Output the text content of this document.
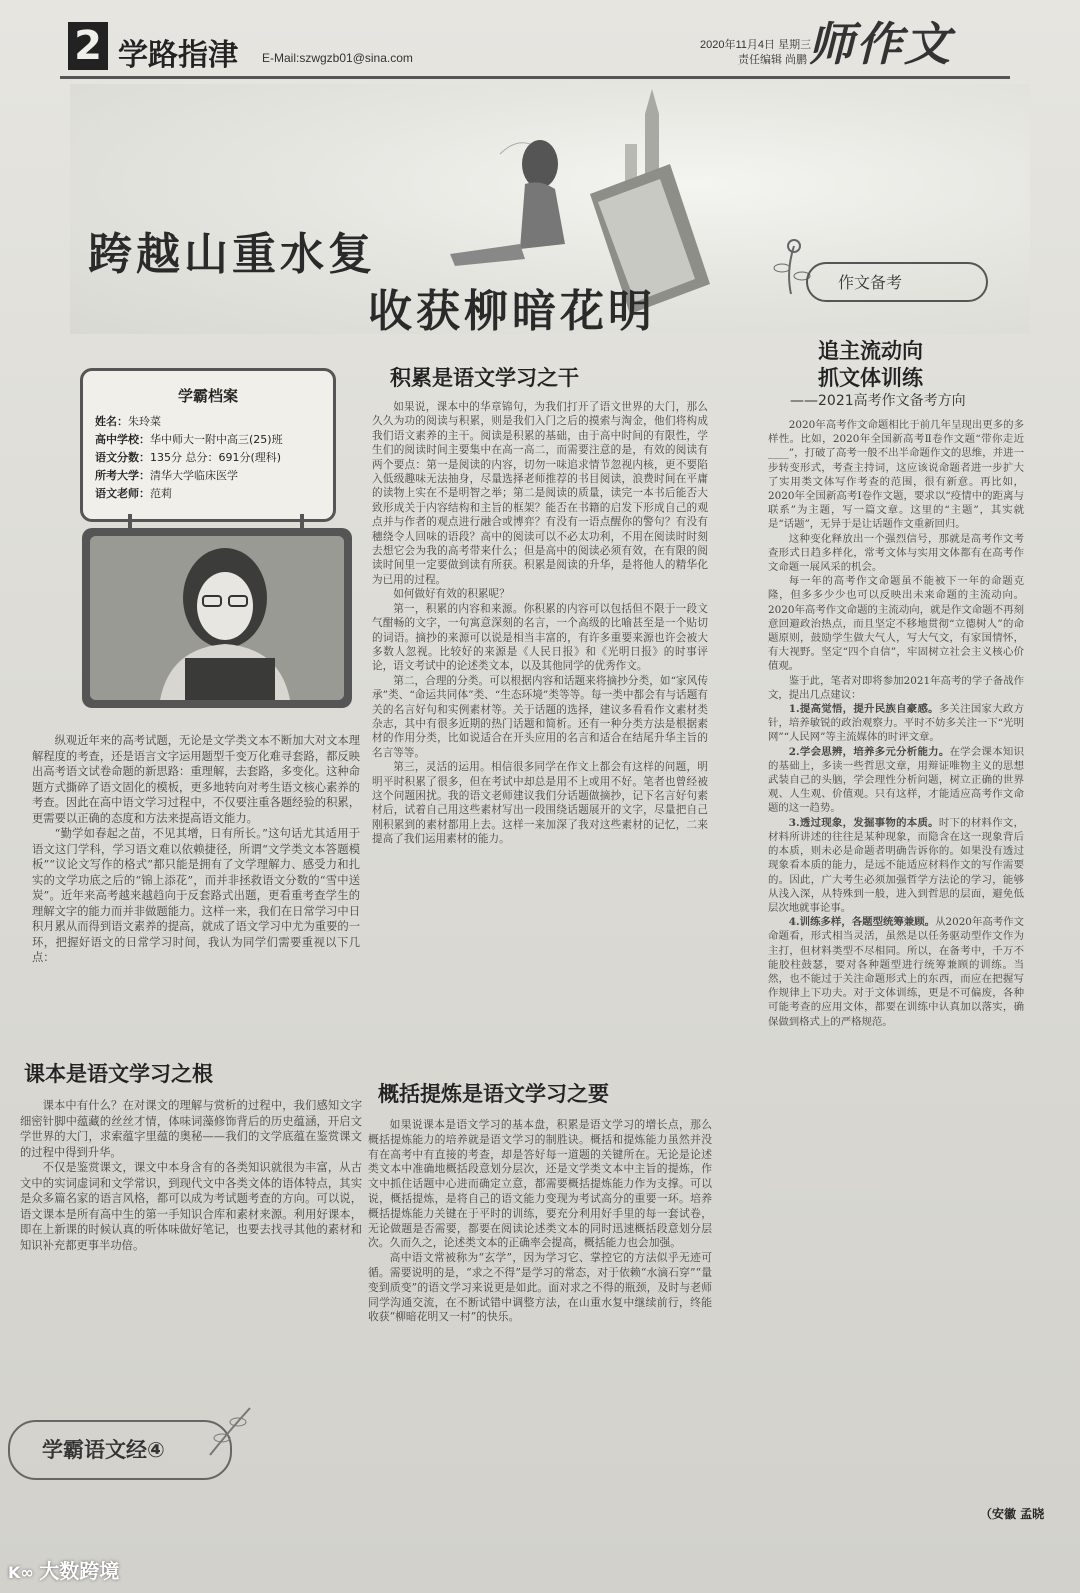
2 学路指津 E-Mail:szwgzb01@sina.com
2020年11月4日 星期三
责任编辑 尚鹏 师作文
跨越山重水复
收获柳暗花明
学霸档案
姓名：朱玲菜
高中学校：华中师大一附中高三(25)班
语文分数：135分 总分：691分(理科)
所考大学：清华大学临床医学
语文老师：范莉

纵观近年来的高考试题，无论是文学类文本不断加大对文本理解程度的考查，还是语言文字运用题型千变万化难寻套路，都反映出高考语文试卷命题的新思路：重理解，去套路，多变化。这种命题方式撕碎了语文固化的模板，更多地转向对考生语文核心素养的考查。因此在高中语文学习过程中，不仅要注重各题经验的积累，更需要以正确的态度和方法来提高语文能力。

“勤学如春起之苗，不见其增，日有所长。”这句话尤其适用于语文这门学科，学习语文难以依赖捷径，所谓“文学类文本答题模板”“议论文写作的格式”都只能是拥有了文学理解力、感受力和扎实的文学功底之后的“锦上添花”，而并非拯救语文分数的“雪中送炭”。近年来高考越来越趋向于反套路式出题，更看重考查学生的理解文字的能力而并非做题能力。这样一来，我们在日常学习中日积月累从而得到语文素养的提高，就成了语文学习中尤为重要的一环，把握好语文的日常学习时间，我认为同学们需要重视以下几点：

课本是语文学习之根

课本中有什么？在对课文的理解与赏析的过程中，我们感知文字细密针脚中蕴藏的丝丝才情，体味词藻修饰背后的历史蕴涵，开启文学世界的大门，求索蕴字里蕴的奥秘——我们的文学底蕴在鉴赏课文的过程中得到升华。

不仅是鉴赏课文，课文中本身含有的各类知识就很为丰富，从古文中的实词虚词和文学常识，到现代文中各类文体的语体特点，其实是众多篇名家的语言风格，都可以成为考试题考查的方向。可以说，语文课本是所有高中生的第一手知识合库和素材来源。利用好课本，即在上新课的时候认真的听体味做好笔记，也要去找寻其他的素材和知识补充都更事半功倍。

积累是语文学习之干

如果说，课本中的华章锦句，为我们打开了语文世界的大门，那么久久为功的阅读与积累，则是我们入门之后的摸索与淘金，他们将构成我们语文素养的主干。阅读是积累的基础，由于高中时间的有限性，学生们的阅读时间主要集中在高一高二，而需要注意的是，有效的阅读有两个要点：第一是阅读的内容，切勿一味追求情节忽视内核，更不要陷入低级趣味无法抽身，尽量选择老师推荐的书目阅读，浪费时间在平庸的读物上实在不是明智之举；第二是阅读的质量，读完一本书后能否大致形成关于内容结构和主旨的框架？能否在书籍的启发下形成自己的观点并与作者的观点进行融合或博弈？有没有一语点醒你的警句？有没有穗绕令人回味的语段？高中的阅读可以不必太功利，不用在阅读时时刻去想它会为我的高考带来什么；但是高中的阅读必须有效，在有限的阅读时间里一定要做到读有所获。积累是阅读的升华，是将他人的精华化为已用的过程。

如何做好有效的积累呢？

第一，积累的内容和来源。你积累的内容可以包括但不限于一段文气酣畅的文字，一句寓意深刻的名言，一个高级的比喻甚至是一个贴切的词语。摘抄的来源可以说是相当丰富的，有许多重要来源也许会被大多数人忽视。比较好的来源是《人民日报》和《光明日报》的时事评论，语文考试中的论述类文本，以及其他同学的优秀作文。

第二，合理的分类。可以根据内容和话题来将摘抄分类，如“家风传承”类、“命运共同体”类、“生态环境”类等等。每一类中都会有与话题有关的名言好句和实例素材等。关于话题的选择，建议多看看作文素材类杂志，其中有很多近期的热门话题和简析。还有一种分类方法是根据素材的作用分类，比如说适合在开头应用的名言和适合在结尾升华主旨的名言等等。

第三，灵活的运用。相信很多同学在作文上都会有这样的问题，明明平时积累了很多，但在考试中却总是用不上或用不好。笔者也曾经被这个问题困扰。我的语文老师建议我们分话题做摘抄，记下名言好句素材后，试着自己用这些素材写出一段围绕话题展开的文字，尽量把自己刚积累到的素材都用上去。这样一来加深了我对这些素材的记忆，二来提高了我们运用素材的能力。

概括提炼是语文学习之要

如果说课本是语文学习的基本盘，积累是语文学习的增长点，那么概括提炼能力的培养就是语文学习的制胜诀。概括和提炼能力虽然并没有在高考中有直接的考查，却是答好每一道题的关键所在。无论是论述类文本中准确地概括段意划分层次，还是文学类文本中主旨的提炼，作文中抓住话题中心进而确定立意，都需要概括提炼能力作为支撑。可以说，概括提炼，是将自己的语文能力变现为考试高分的重要一环。培养概括提炼能力关键在于平时的训练，要充分利用好手里的每一套试卷，无论做题是否需要，都要在阅读论述类文本的同时迅速概括段意划分层次。久而久之，论述类文本的正确率会提高，概括能力也会加强。

高中语文常被称为“玄学”，因为学习它、掌控它的方法似乎无迹可循。需要说明的是，“求之不得”是学习的常态，对于依赖“水滴石穿”“量变到质变”的语文学习来说更是如此。面对求之不得的瓶颈，及时与老师同学沟通交流，在不断试错中调整方法，在山重水复中继续前行，终能收获“柳暗花明又一村”的快乐。

作文备考
追主流动向
抓文体训练
——2021高考作文备考方向

2020年高考作文命题相比于前几年呈现出更多的多样性。比如，2020年全国新高考Ⅱ卷作文题“带你走近____”，打破了高考一般不出半命题作文的思维，并进一步转变形式，考查主持词，这应该说命题者进一步扩大了实用类文体写作考查的范围，很有新意。再比如，2020年全国新高考Ⅰ卷作文题，要求以“疫情中的距离与联系”为主题，写一篇文章。这里的“主题”，其实就是“话题”，无异于是让话题作文重新回归。

这种变化释放出一个强烈信号，那就是高考作文考查形式日趋多样化，常考文体与实用文体都有在高考作文命题一展风采的机会。

每一年的高考作文命题虽不能被下一年的命题克隆，但多多少少也可以反映出未来命题的主流动向。2020年高考作文命题的主流动向，就是作文命题不再刻意回避政治热点，而且坚定不移地贯彻“立德树人”的命题原则，鼓励学生做大气人，写大气文，有家国情怀，有大视野。坚定“四个自信”，牢固树立社会主义核心价值观。

鉴于此，笔者对即将参加2021年高考的学子备战作文，提出几点建议：

1.提高觉悟，提升民族自豪感。多关注国家大政方针，培养敏锐的政治观察力。平时不妨多关注一下“光明网”“人民网”等主流媒体的时评文章。

2.学会思辨，培养多元分析能力。在学会课本知识的基础上，多读一些哲思文章，用辩证唯物主义的思想武装自己的头脑，学会理性分析问题，树立正确的世界观、人生观、价值观。只有这样，才能适应高考作文命题的这一趋势。

3.透过现象，发掘事物的本质。时下的材料作文，材料所讲述的往往是某种现象，而隐含在这一现象背后的本质，则未必是命题者明确告诉你的。如果没有透过现象看本质的能力，是远不能适应材料作文的写作需要的。因此，广大考生必须加强哲学方法论的学习，能够从浅入深，从特殊到一般，进入到哲思的层面，避免低层次地就事论事。

4.训练多样，各题型统筹兼顾。从2020年高考作文命题看，形式相当灵活，虽然是以任务驱动型作文作为主打，但材料类型不尽相同。所以，在备考中，千万不能胶柱鼓瑟，要对各种题型进行统筹兼顾的训练。当然，也不能过于关注命题形式上的东西，而应在把握写作规律上下功夫。对于文体训练，更是不可偏废，各种可能考查的应用文体，都要在训练中认真加以落实，确保做到格式上的严格规范。

（安徽 孟晓
学霸语文经④
K∞ 大数跨境
